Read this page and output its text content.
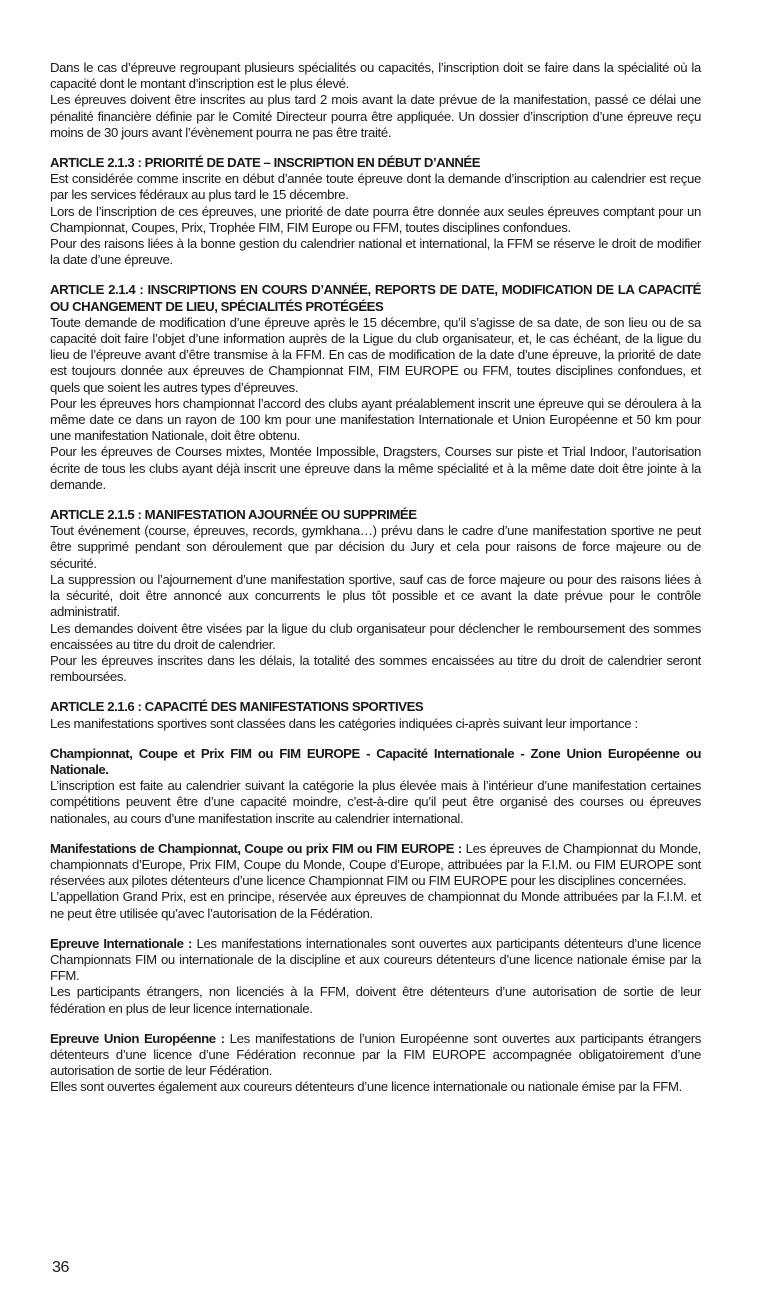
Dans le cas d’épreuve regroupant plusieurs spécialités ou capacités, l’inscription doit se faire dans la spécialité où la capacité dont le montant d’inscription est le plus élevé.

Les épreuves doivent être inscrites au plus tard 2 mois avant la date prévue de la manifestation, passé ce délai une pénalité financière définie par le Comité Directeur pourra être appliquée. Un dossier d’inscription d’une épreuve reçu moins de 30 jours avant l’évènement pourra ne pas être traité.

ARTICLE 2.1.3 : PRIORITÉ DE DATE – INSCRIPTION EN DÉBUT D’ANNÉE

Est considérée comme inscrite en début d’année toute épreuve dont la demande d’inscription au calendrier est reçue par les services fédéraux au plus tard le 15 décembre.

Lors de l’inscription de ces épreuves, une priorité de date pourra être donnée aux seules épreuves comptant pour un Championnat, Coupes, Prix, Trophée FIM, FIM Europe ou FFM, toutes disciplines confondues.

Pour des raisons liées à la bonne gestion du calendrier national et international, la FFM se réserve le droit de modifier la date d’une épreuve.

ARTICLE 2.1.4 : INSCRIPTIONS EN COURS D’ANNÉE, REPORTS DE DATE, MODIFICATION DE LA CAPACITÉ OU CHANGEMENT DE LIEU, SPÉCIALITÉS PROTÉGÉES

Toute demande de modification d’une épreuve après le 15 décembre, qu’il s’agisse de sa date, de son lieu ou de sa capacité doit faire l’objet d’une information auprès de la Ligue du club organisateur, et, le cas échéant, de la ligue du lieu de l’épreuve avant d’être transmise à la FFM. En cas de modification de la date d’une épreuve, la priorité de date est toujours donnée aux épreuves de Championnat FIM, FIM EUROPE ou FFM, toutes disciplines confondues, et quels que soient les autres types d’épreuves.

Pour les épreuves hors championnat l’accord des clubs ayant préalablement inscrit une épreuve qui se déroulera à la même date ce dans un rayon de 100 km pour une manifestation Internationale et Union Européenne et 50 km pour une manifestation Nationale, doit être obtenu.

Pour les épreuves de Courses mixtes, Montée Impossible, Dragsters, Courses sur piste et Trial Indoor, l’autorisation écrite de tous les clubs ayant déjà inscrit une épreuve dans la même spécialité et à la même date doit être jointe à la demande.

ARTICLE 2.1.5 : MANIFESTATION AJOURNÉE OU SUPPRIMÉE

Tout événement (course, épreuves, records, gymkhana…) prévu dans le cadre d’une manifestation sportive ne peut être supprimé pendant son déroulement que par décision du Jury et cela pour raisons de force majeure ou de sécurité.

La suppression ou l’ajournement d’une manifestation sportive, sauf cas de force majeure ou pour des raisons liées à la sécurité, doit être annoncé aux concurrents le plus tôt possible et ce avant la date prévue pour le contrôle administratif.

Les demandes doivent être visées par la ligue du club organisateur pour déclencher le remboursement des sommes encaissées au titre du droit de calendrier.

Pour les épreuves inscrites dans les délais, la totalité des sommes encaissées au titre du droit de calendrier seront remboursées.

ARTICLE 2.1.6 : CAPACITÉ DES MANIFESTATIONS SPORTIVES

Les manifestations sportives sont classées dans les catégories indiquées ci-après suivant leur importance :

Championnat, Coupe et Prix FIM ou FIM EUROPE - Capacité Internationale - Zone Union Européenne ou Nationale.

L’inscription est faite au calendrier suivant la catégorie la plus élevée mais à l’intérieur d’une manifestation certaines compétitions peuvent être d’une capacité moindre, c’est-à-dire qu’il peut être organisé des courses ou épreuves nationales, au cours d’une manifestation inscrite au calendrier international.

Manifestations de Championnat, Coupe ou prix FIM ou FIM EUROPE : Les épreuves de Championnat du Monde, championnats d’Europe, Prix FIM, Coupe du Monde, Coupe d’Europe, attribuées par la F.I.M. ou FIM EUROPE sont réservées aux pilotes détenteurs d’une licence Championnat FIM ou FIM EUROPE pour les disciplines concernées.

L’appellation Grand Prix, est en principe, réservée aux épreuves de championnat du Monde attribuées par la F.I.M. et ne peut être utilisée qu’avec l’autorisation de la Fédération.

Epreuve Internationale : Les manifestations internationales sont ouvertes aux participants détenteurs d’une licence Championnats FIM ou internationale de la discipline et aux coureurs détenteurs d’une licence nationale émise par la FFM.

Les participants étrangers, non licenciés à la FFM, doivent être détenteurs d’une autorisation de sortie de leur fédération en plus de leur licence internationale.

Epreuve Union Européenne : Les manifestations de l’union Européenne sont ouvertes aux participants étrangers détenteurs d’une licence d’une Fédération reconnue par la FIM EUROPE accompagnée obligatoirement d’une autorisation de sortie de leur Fédération.

Elles sont ouvertes également aux coureurs détenteurs d’une licence internationale ou nationale émise par la FFM.

36
